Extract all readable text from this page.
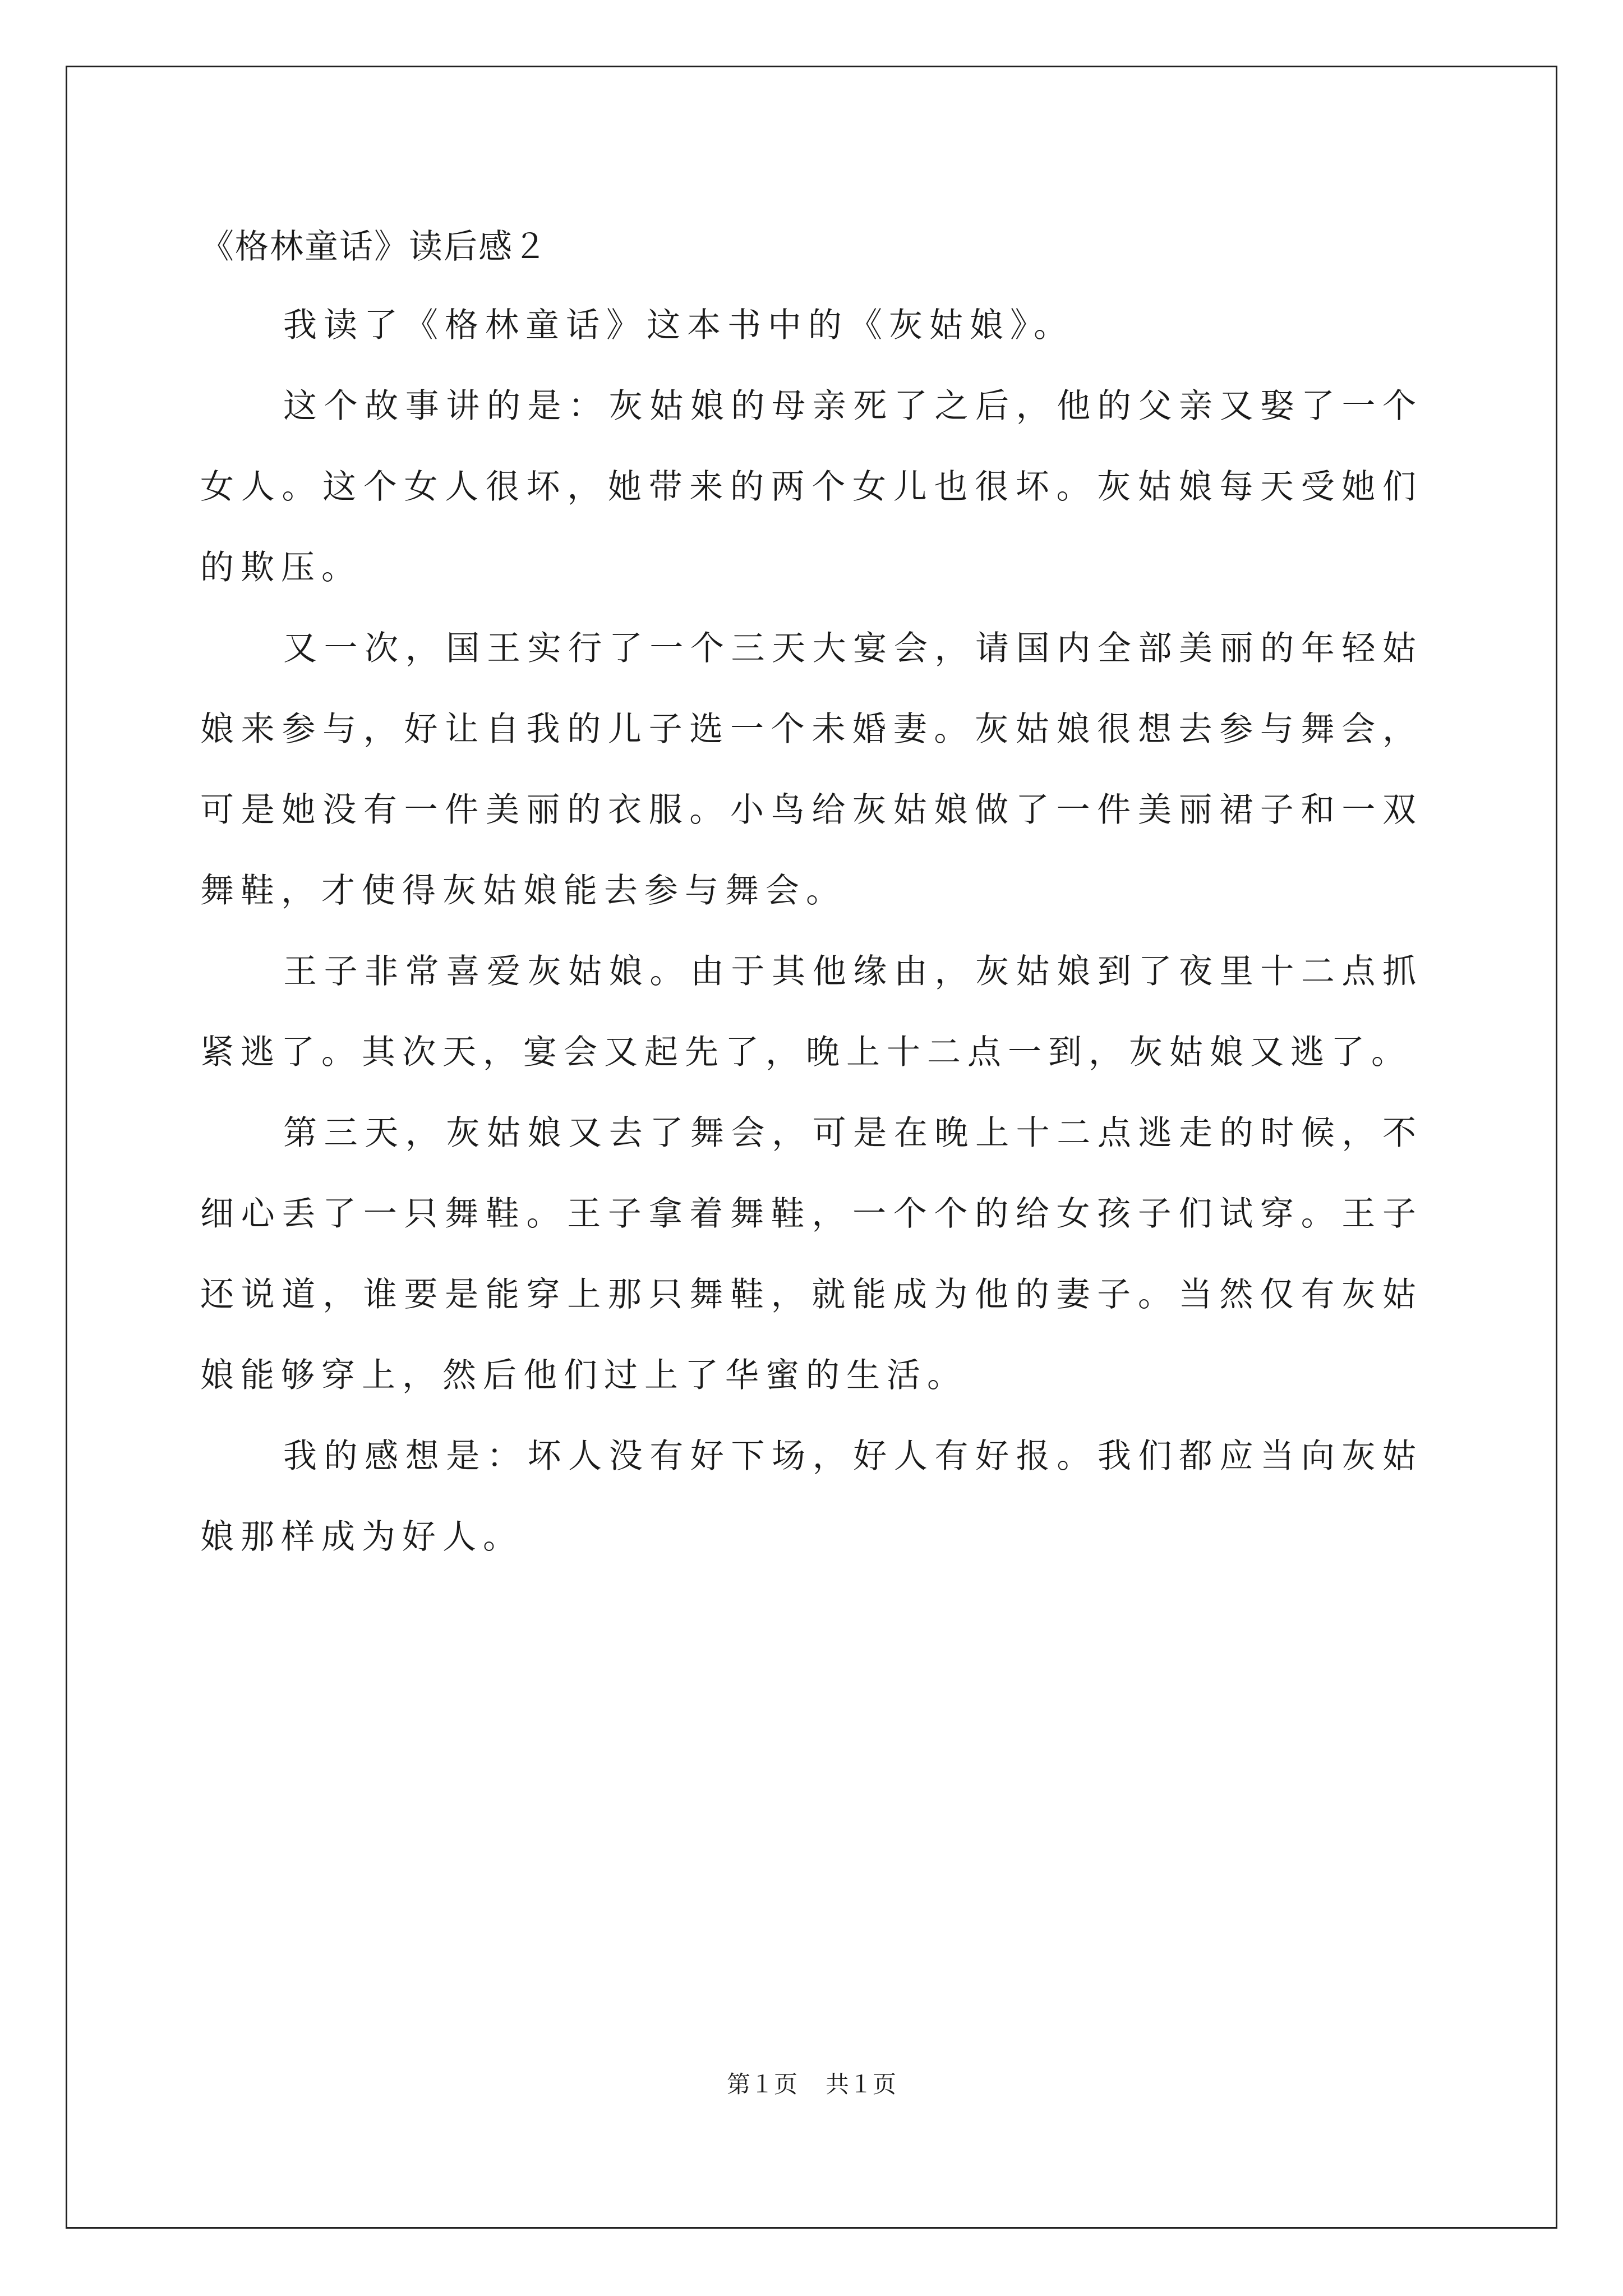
《格林童话》读后感２

我读了《格林童话》这本书中的《灰姑娘》。

这个故事讲的是：灰姑娘的母亲死了之后，他的父亲又娶了一个女人。这个女人很坏，她带来的两个女儿也很坏。灰姑娘每天受她们的欺压。

又一次，国王实行了一个三天大宴会，请国内全部美丽的年轻姑娘来参与，好让自我的儿子选一个未婚妻。灰姑娘很想去参与舞会，可是她没有一件美丽的衣服。小鸟给灰姑娘做了一件美丽裙子和一双舞鞋，才使得灰姑娘能去参与舞会。

王子非常喜爱灰姑娘。由于其他缘由，灰姑娘到了夜里十二点抓紧逃了。其次天，宴会又起先了，晚上十二点一到，灰姑娘又逃了。

第三天，灰姑娘又去了舞会，可是在晚上十二点逃走的时候，不细心丢了一只舞鞋。王子拿着舞鞋，一个个的给女孩子们试穿。王子还说道，谁要是能穿上那只舞鞋，就能成为他的妻子。当然仅有灰姑娘能够穿上，然后他们过上了华蜜的生活。

我的感想是：坏人没有好下场，好人有好报。我们都应当向灰姑娘那样成为好人。

第１页 共１页
